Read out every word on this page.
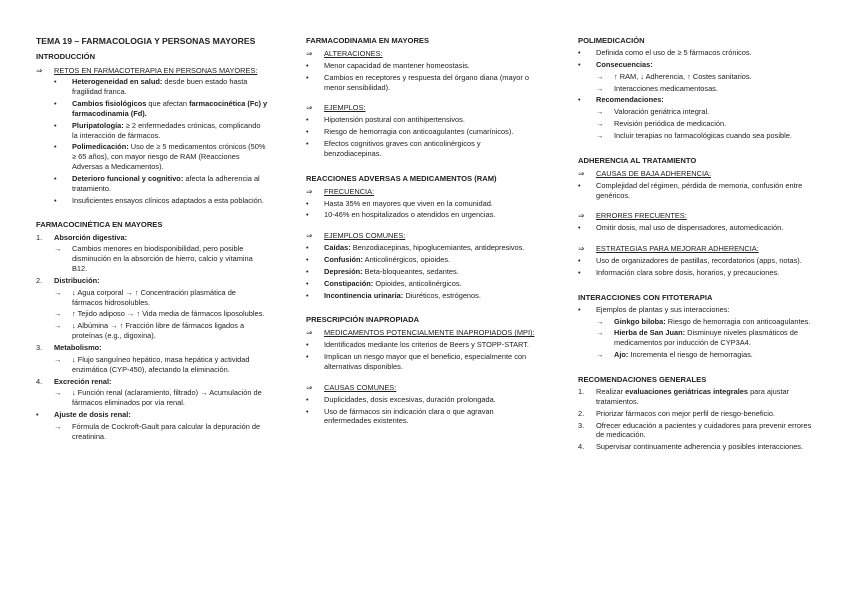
TEMA 19 – FARMACOLOGIA Y PERSONAS MAYORES
INTRODUCCIÓN
⇒	RETOS EN FARMACOTERAPIA EN PERSONAS MAYORES:
•	Heterogeneidad en salud: desde buen estado hasta fragilidad franca.
•	Cambios fisiológicos que afectan farmacocinética (Fc) y farmacodinamia (Fd).
•	Pluripatología: ≥ 2 enfermedades crónicas, complicando la interacción de fármacos.
•	Polimedicación: Uso de ≥ 5 medicamentos crónicos (50% ≥ 65 años), con mayor riesgo de RAM (Reacciones Adversas a Medicamentos).
•	Deterioro funcional y cognitivo: afecta la adherencia al tratamiento.
•	Insuficientes ensayos clínicos adaptados a esta población.
FARMACOCINÉTICA EN MAYORES
1.	Absorción digestiva:
→	Cambios menores en biodisponibilidad, pero posible disminución en la absorción de hierro, calcio y vitamina B12.
2.	Distribución:
→	↓ Agua corporal → ↑ Concentración plasmática de fármacos hidrosolubles.
→	↑ Tejido adiposo → ↑ Vida media de fármacos liposolubles.
→	↓ Albúmina → ↑ Fracción libre de fármacos ligados a proteínas (e.g., digoxina).
3.	Metabolismo:
→	↓ Flujo sanguíneo hepático, masa hepática y actividad enzimática (CYP-450), afectando la eliminación.
4.	Excreción renal:
→	↓ Función renal (aclaramiento, filtrado) → Acumulación de fármacos eliminados por vía renal.
•	Ajuste de dosis renal:
→	Fórmula de Cockroft-Gault para calcular la depuración de creatinina.
FARMACODINAMIA EN MAYORES
⇒	ALTERACIONES:
•	Menor capacidad de mantener homeostasis.
•	Cambios en receptores y respuesta del órgano diana (mayor o menor sensibilidad).
⇒	EJEMPLOS:
•	Hipotensión postural con antihipertensivos.
•	Riesgo de hemorragia con anticoagulantes (cumarínicos).
•	Efectos cognitivos graves con anticolinérgicos y benzodiacepinas.
REACCIONES ADVERSAS A MEDICAMENTOS (RAM)
⇒	FRECUENCIA:
•	Hasta 35% en mayores que viven en la comunidad.
•	10-46% en hospitalizados o atendidos en urgencias.
⇒	EJEMPLOS COMUNES:
•	Caídas: Benzodiacepinas, hipoglucemiantes, antidepresivos.
•	Confusión: Anticolinérgicos, opioides.
•	Depresión: Beta-bloqueantes, sedantes.
•	Constipación: Opioides, anticolinérgicos.
•	Incontinencia urinaria: Diuréticos, estrógenos.
PRESCRIPCIÓN INAPROPIADA
⇒	MEDICAMENTOS POTENCIALMENTE INAPROPIADOS (MPI):
•	Identificados mediante los criterios de Beers y STOPP-START.
•	Implican un riesgo mayor que el beneficio, especialmente con alternativas disponibles.
⇒	CAUSAS COMUNES:
•	Duplicidades, dosis excesivas, duración prolongada.
•	Uso de fármacos sin indicación clara o que agravan enfermedades existentes.
POLIMEDICACIÓN
•	Definida como el uso de ≥ 5 fármacos crónicos.
•	Consecuencias:
→	↑ RAM, ↓ Adherencia, ↑ Costes sanitarios.
→	Interacciones medicamentosas.
•	Recomendaciones:
→	Valoración geriátrica integral.
→	Revisión periódica de medicación.
→	Incluir terapias no farmacológicas cuando sea posible.
ADHERENCIA AL TRATAMIENTO
⇒	CAUSAS DE BAJA ADHERENCIA:
•	Complejidad del régimen, pérdida de memoria, confusión entre genéricos.
⇒	ERRORES FRECUENTES:
•	Omitir dosis, mal uso de dispensadores, automedicación.
⇒	ESTRATEGIAS PARA MEJORAR ADHERENCIA:
•	Uso de organizadores de pastillas, recordatorios (apps, notas).
•	Información clara sobre dosis, horarios, y precauciones.
INTERACCIONES CON FITOTERAPIA
•	Ejemplos de plantas y sus interacciones:
→	Ginkgo biloba: Riesgo de hemorragia con anticoagulantes.
→	Hierba de San Juan: Disminuye niveles plasmáticos de medicamentos por inducción de CYP3A4.
→	Ajo: Incrementa el riesgo de hemorragias.
RECOMENDACIONES GENERALES
1.	Realizar evaluaciones geriátricas integrales para ajustar tratamientos.
2.	Priorizar fármacos con mejor perfil de riesgo-beneficio.
3.	Ofrecer educación a pacientes y cuidadores para prevenir errores de medicación.
4.	Supervisar continuamente adherencia y posibles interacciones.
